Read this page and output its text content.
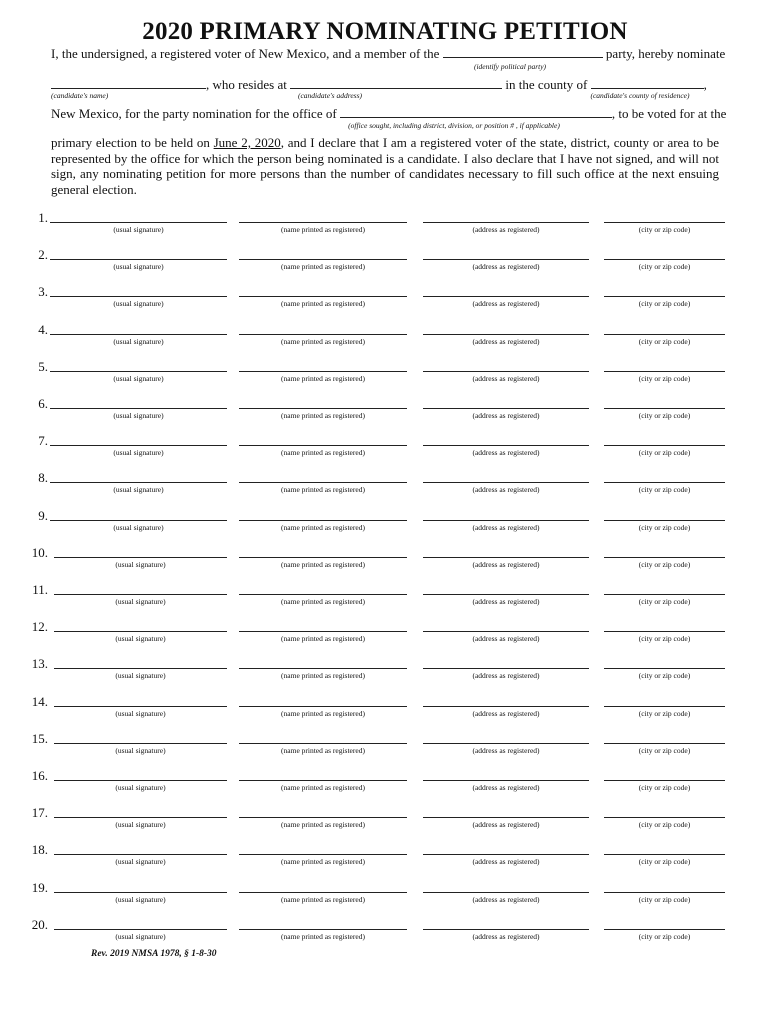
2020 PRIMARY NOMINATING PETITION
I, the undersigned, a registered voter of New Mexico, and a member of the	party, hereby nominate
(identify political party)
, who resides at	in the county of	,
(candidate's name)	(candidate's address)	(candidate's county of residence)
New Mexico, for the party nomination for the office of	, to be voted for at the
(office sought, including district, division, or position # , if applicable)
primary election to be held on June 2, 2020, and I declare that I am a registered voter of the state, district, county or area to be represented by the office for which the person being nominated is a candidate. I also declare that I have not signed, and will not sign, any nominating petition for more persons than the number of candidates necessary to fill such office at the next ensuing general election.
1.
(usual signature)	(name printed as registered)	(address as registered)	(city or zip code)
2.
(usual signature)	(name printed as registered)	(address as registered)	(city or zip code)
3.
(usual signature)	(name printed as registered)	(address as registered)	(city or zip code)
4.
(usual signature)	(name printed as registered)	(address as registered)	(city or zip code)
5.
(usual signature)	(name printed as registered)	(address as registered)	(city or zip code)
6.
(usual signature)	(name printed as registered)	(address as registered)	(city or zip code)
7.
(usual signature)	(name printed as registered)	(address as registered)	(city or zip code)
8.
(usual signature)	(name printed as registered)	(address as registered)	(city or zip code)
9.
(usual signature)	(name printed as registered)	(address as registered)	(city or zip code)
10.
(usual signature)	(name printed as registered)	(address as registered)	(city or zip code)
11.
(usual signature)	(name printed as registered)	(address as registered)	(city or zip code)
12.
(usual signature)	(name printed as registered)	(address as registered)	(city or zip code)
13.
(usual signature)	(name printed as registered)	(address as registered)	(city or zip code)
14.
(usual signature)	(name printed as registered)	(address as registered)	(city or zip code)
15.
(usual signature)	(name printed as registered)	(address as registered)	(city or zip code)
16.
(usual signature)	(name printed as registered)	(address as registered)	(city or zip code)
17.
(usual signature)	(name printed as registered)	(address as registered)	(city or zip code)
18.
(usual signature)	(name printed as registered)	(address as registered)	(city or zip code)
19.
(usual signature)	(name printed as registered)	(address as registered)	(city or zip code)
20.
(usual signature)	(name printed as registered)	(address as registered)	(city or zip code)
Rev. 2019 NMSA 1978, § 1-8-30
